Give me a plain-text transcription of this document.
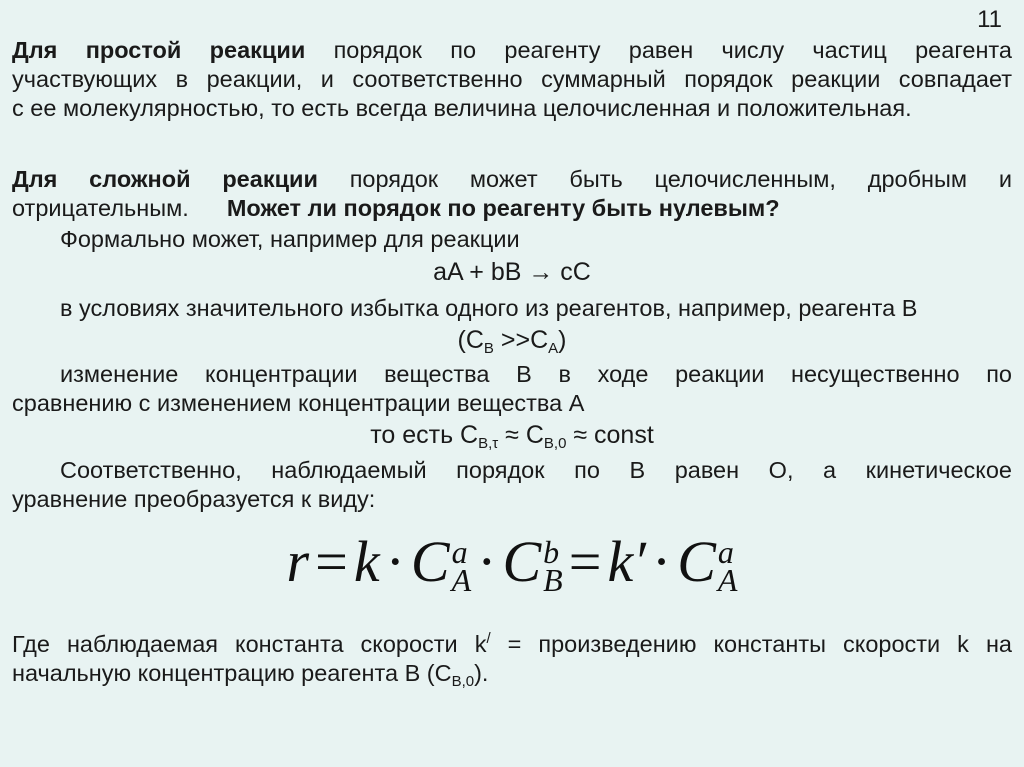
11

Для простой реакции порядок по реагенту равен числу частиц реагента

участвующих в реакции, и соответственно суммарный порядок реакции совпадает

с ее молекулярностью, то есть всегда величина целочисленная и положительная.

Для сложной реакции порядок может быть целочисленным, дробным и

отрицательным. Может ли порядок по реагенту быть нулевым?

Формально может, например для реакции

aA + bB → cC

в условиях значительного избытка одного из реагентов, например, реагента B

$(C_B >>C_A)$

изменение концентрации вещества B в ходе реакции несущественно по

сравнению с изменением концентрации вещества A

то есть $C_{B,\tau} \approx C_{B,0}$ ≈ const

Соответственно, наблюдаемый порядок по B равен O, а кинетическое

уравнение преобразуется к виду:

r = k · C a
A · C b
B = k′ · C a
A

Где наблюдаемая константа скорости k/ = произведению константы скорости k на

начальную концентрацию реагента B $(C_{B,0})$.
